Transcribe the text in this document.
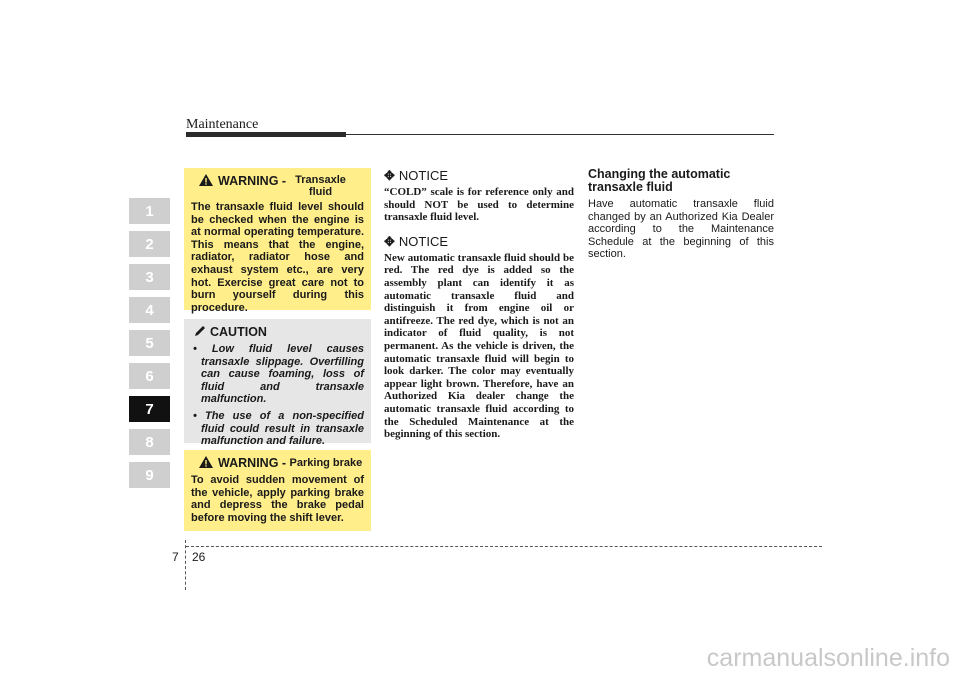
Maintenance
1
2
3
4
5
6
7
8
9
WARNING - Transaxle fluid
The transaxle fluid level should be checked when the engine is at normal operating temperature. This means that the engine, radiator, radiator hose and exhaust system etc., are very hot. Exercise great care not to burn yourself during this procedure.
CAUTION
• Low fluid level causes transaxle slippage. Overfilling can cause foaming, loss of fluid and transaxle malfunction.
• The use of a non-specified fluid could result in transaxle malfunction and failure.
WARNING - Parking brake
To avoid sudden movement of the vehicle, apply parking brake and depress the brake pedal before moving the shift lever.
✥ NOTICE

“COLD” scale is for reference only and should NOT be used to determine transaxle fluid level.

✥ NOTICE

New automatic transaxle fluid should be red. The red dye is added so the assembly plant can identify it as automatic transaxle fluid and distinguish it from engine oil or antifreeze. The red dye, which is not an indicator of fluid quality, is not permanent. As the vehicle is driven, the automatic transaxle fluid will begin to look darker. The color may eventually appear light brown. Therefore, have an Authorized Kia dealer change the automatic transaxle fluid according to the Scheduled Maintenance at the beginning of this section.

Changing the automatic transaxle fluid

Have automatic transaxle fluid changed by an Authorized Kia Dealer according to the Maintenance Schedule at the beginning of this section.

7 26
carmanualsonline.info
